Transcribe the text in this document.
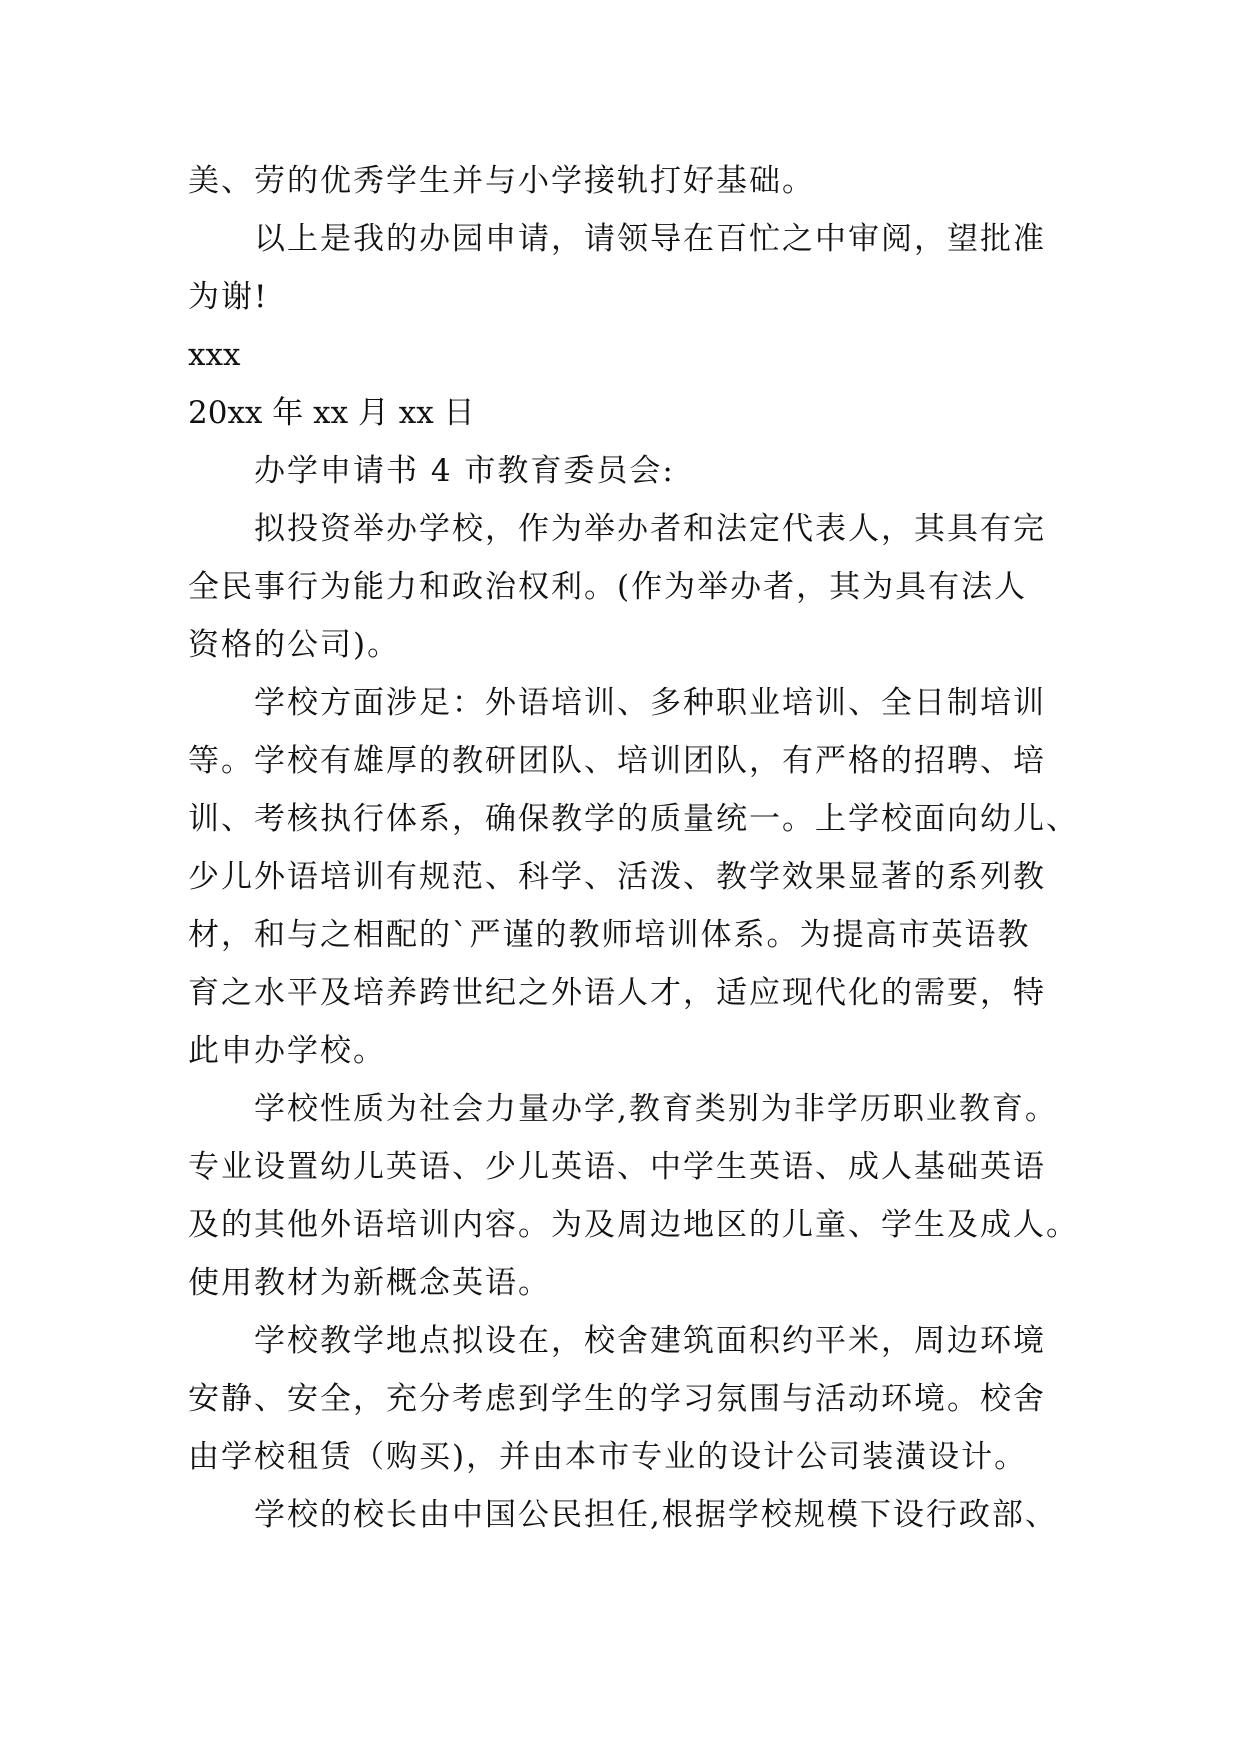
美、劳的优秀学生并与小学接轨打好基础。
以上是我的办园申请，请领导在百忙之中审阅，望批准
为谢!
xxx
20xx 年 xx 月 xx 日
办学申请书 4 市教育委员会:
拟投资举办学校，作为举办者和法定代表人，其具有完
全民事行为能力和政治权利。(作为举办者，其为具有法人
资格的公司)。
学校方面涉足：外语培训、多种职业培训、全日制培训
等。学校有雄厚的教研团队、培训团队，有严格的招聘、培
训、考核执行体系，确保教学的质量统一。上学校面向幼儿、
少儿外语培训有规范、科学、活泼、教学效果显著的系列教
材，和与之相配的`严谨的教师培训体系。为提高市英语教
育之水平及培养跨世纪之外语人才，适应现代化的需要，特
此申办学校。
学校性质为社会力量办学,教育类别为非学历职业教育。
专业设置幼儿英语、少儿英语、中学生英语、成人基础英语
及的其他外语培训内容。为及周边地区的儿童、学生及成人。
使用教材为新概念英语。
学校教学地点拟设在，校舍建筑面积约平米，周边环境
安静、安全，充分考虑到学生的学习氛围与活动环境。校舍
由学校租赁（购买)，并由本市专业的设计公司装潢设计。
学校的校长由中国公民担任,根据学校规模下设行政部、
